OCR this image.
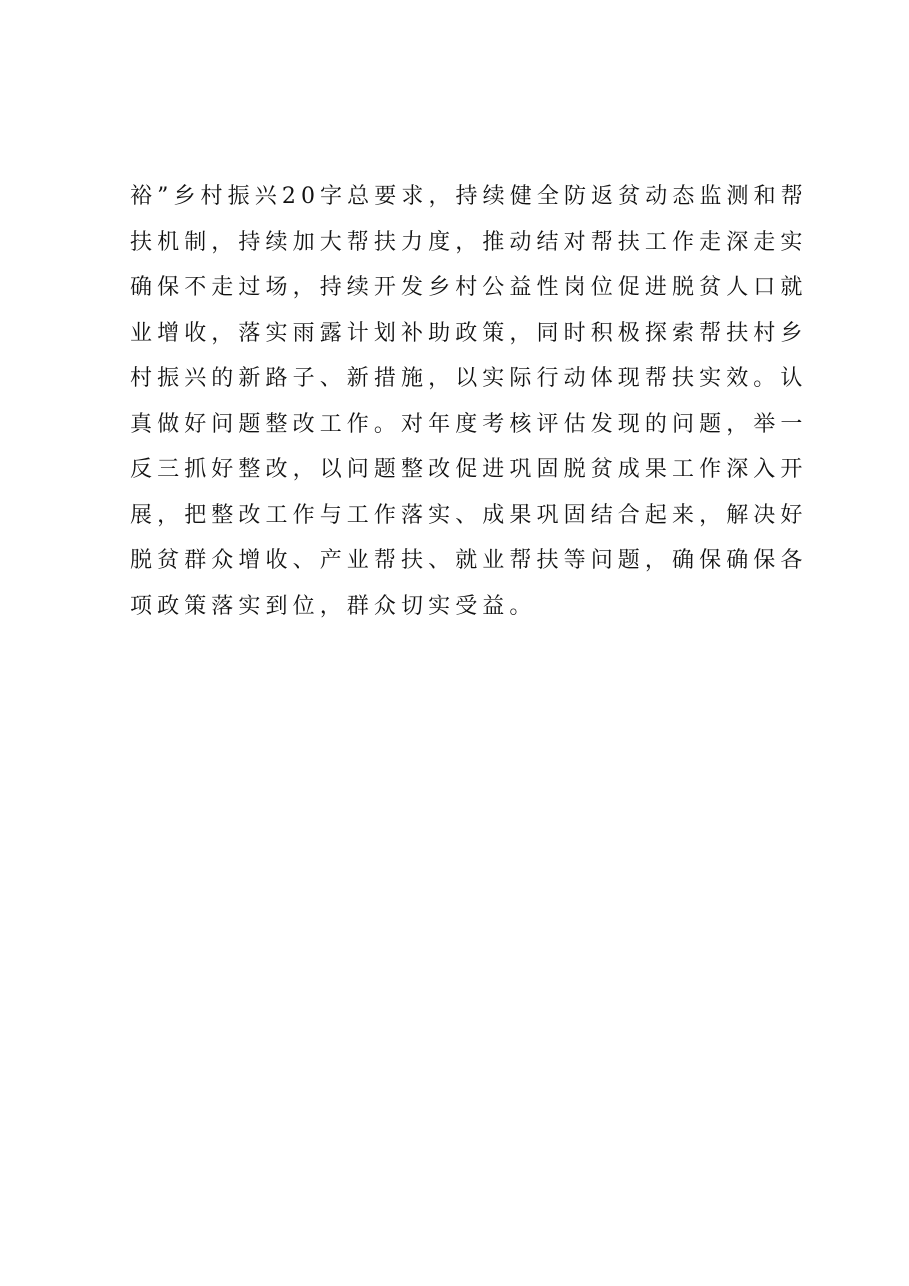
裕”乡村振兴20字总要求，持续健全防返贫动态监测和帮
扶机制，持续加大帮扶力度，推动结对帮扶工作走深走实
确保不走过场，持续开发乡村公益性岗位促进脱贫人口就
业增收，落实雨露计划补助政策，同时积极探索帮扶村乡
村振兴的新路子、新措施，以实际行动体现帮扶实效。认
真做好问题整改工作。对年度考核评估发现的问题，举一
反三抓好整改，以问题整改促进巩固脱贫成果工作深入开
展，把整改工作与工作落实、成果巩固结合起来，解决好
脱贫群众增收、产业帮扶、就业帮扶等问题，确保确保各
项政策落实到位，群众切实受益。
